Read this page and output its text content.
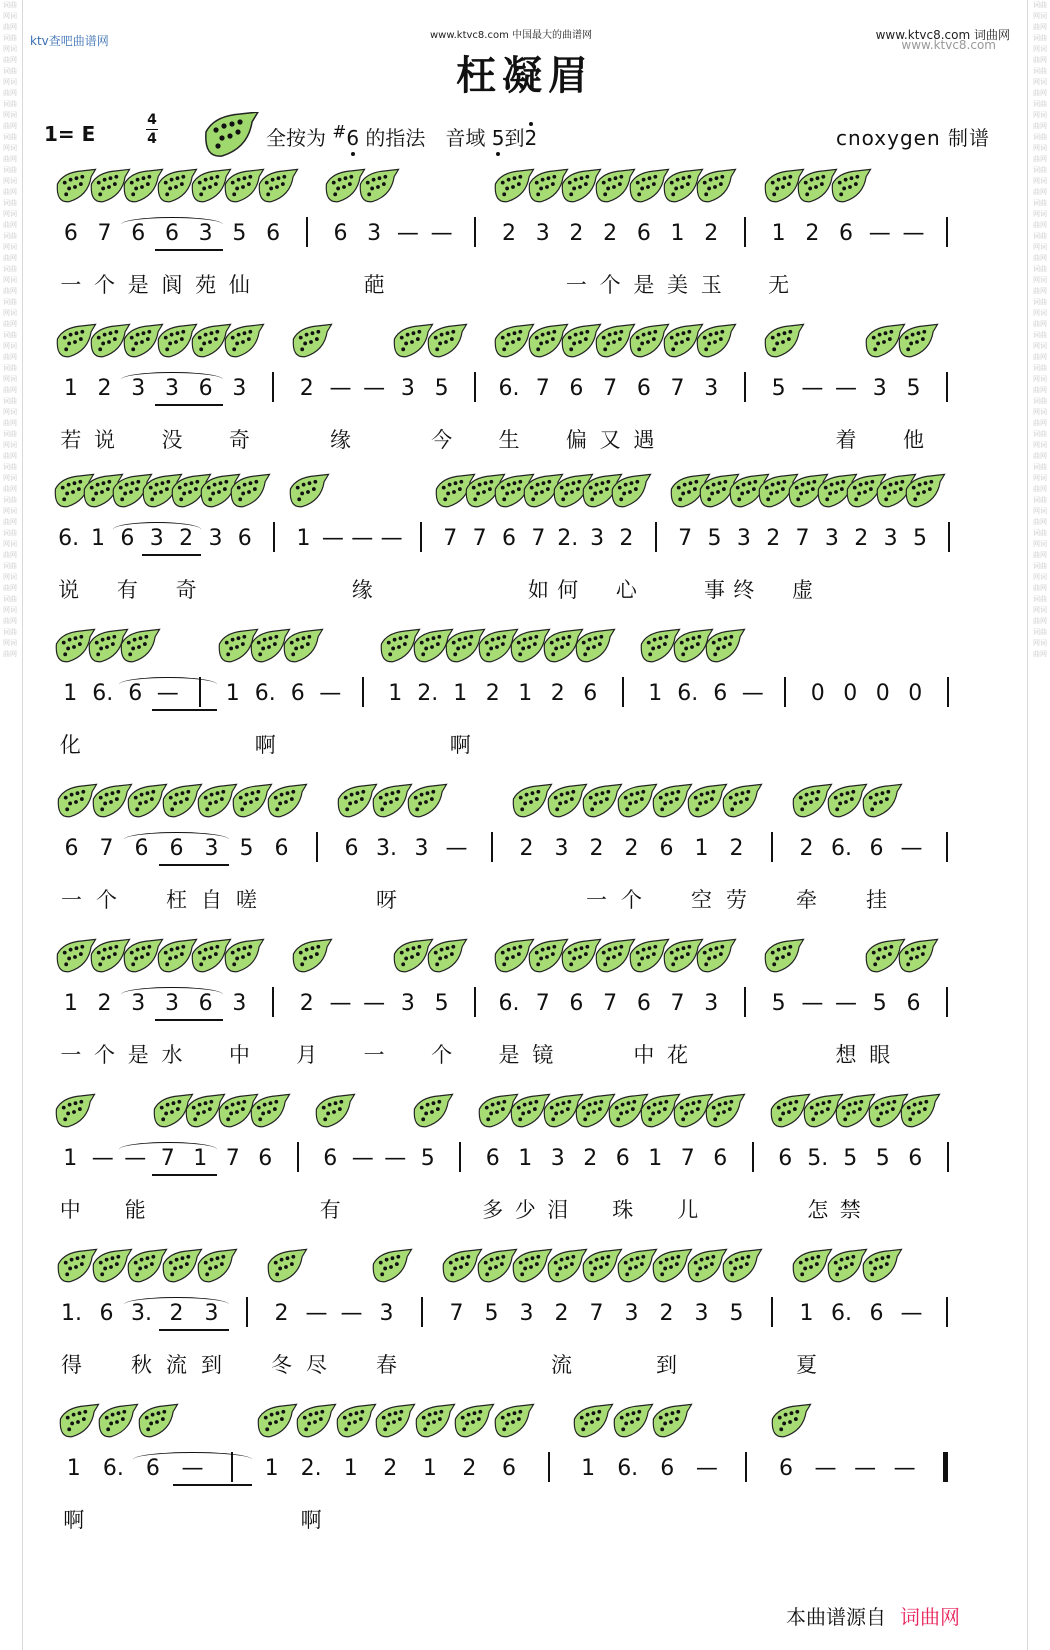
词曲网词曲网词曲网词曲网词曲网词曲网词曲网词曲网词曲网词曲网词曲网词曲网词曲网词曲网词曲网词曲网词曲网词曲网词曲网词曲网词曲网词曲网词曲网词曲网词曲网词曲网词曲网词曲网词曲网词曲网词曲网词曲网词曲网词曲网词曲网词曲网词曲网词曲网词曲网词曲网
词曲网词曲网词曲网词曲网词曲网词曲网词曲网词曲网词曲网词曲网词曲网词曲网词曲网词曲网词曲网词曲网词曲网词曲网词曲网词曲网词曲网词曲网词曲网词曲网词曲网词曲网词曲网词曲网词曲网词曲网词曲网词曲网词曲网词曲网词曲网词曲网词曲网词曲网词曲网词曲网
ktv查吧曲谱网	www.ktvc8.com 中国最大的曲谱网	www.ktvc8.com 词曲网
www.ktvc8.com
枉凝眉
1= E
4
4	全按为 #6 的指法　音域 5到2	cnoxygen 制谱
6 7 6 6 3 5 6 6 3 — — 2 3 2 2 6 1 2 1 2 6 — —
一 个 是 阆 苑 仙	葩	一 个 是 美 玉 无
1 2 3 3 6 3 2 — — 3 5 6. 7 6 7 6 7 3 5 — — 3 5
若 说 没 奇	缘	今 生 偏 又 遇	着 他
6. 1 6 3 2 3 6 1 — — — 7 7 6 7 2. 3 2 7 5 3 2 7 3 2 3 5
说 有 奇	缘	如 何 心	事 终 虚
1 6. 6 — 1 6. 6 — 1 2. 1 2 1 2 6 1 6. 6 — 0 0 0 0
化	啊	啊
6 7 6 6 3 5 6	6 3. 3 — 2 3 2 2 6 1 2	2 6. 6 —
一 个 枉 自 嗟	呀	一 个 空 劳 牵 挂
1 2 3 3 6 3 2 — — 3 5 6. 7 6 7 6 7 3 5 — — 5 6
一 个 是 水 中 月 一 个 是 镜	中 花	想 眼
1 — — 7 1 7 6 6 — — 5 6 1 3 2 6 1 7 6 6 5. 5 5 6
中 能	有	多 少 泪 珠 儿	怎 禁
1. 6 3. 2 3	2 — — 3	7 5 3 2 7 3 2 3 5	1 6. 6 —
得 秋 流 到 冬 尽 春	流	到	夏
1 6. 6 —	1 2. 1 2 1 2 6	1 6. 6 —	6 — — —
啊	啊
本曲谱源自 词曲网
